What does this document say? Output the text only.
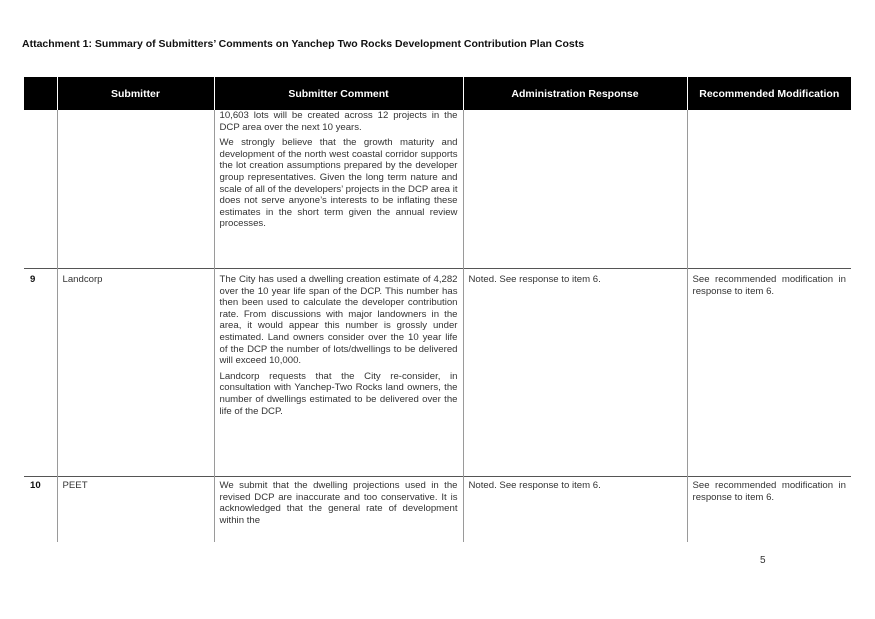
Attachment 1: Summary of Submitters’ Comments on Yanchep Two Rocks Development Contribution Plan Costs
	Submitter	Submitter Comment	Administration Response	Recommended Modification

		10,603 lots will be created across 12 projects in the DCP area over the next 10 years.

We strongly believe that the growth maturity and development of the north west coastal corridor supports the lot creation assumptions prepared by the developer group representatives. Given the long term nature and scale of all of the developers’ projects in the DCP area it does not serve anyone’s interests to be inflating these estimates in the short term given the annual review processes.		

9	Landcorp	The City has used a dwelling creation estimate of 4,282 over the 10 year life span of the DCP. This number has then been used to calculate the developer contribution rate. From discussions with major landowners in the area, it would appear this number is grossly under estimated. Land owners consider over the 10 year life of the DCP the number of lots/dwellings to be delivered will exceed 10,000.

Landcorp requests that the City re-consider, in consultation with Yanchep-Two Rocks land owners, the number of dwellings estimated to be delivered over the life of the DCP.	Noted. See response to item 6.	See recommended modification in response to item 6.
10	PEET	We submit that the dwelling projections used in the revised DCP are inaccurate and too conservative. It is acknowledged that the general rate of development within the	Noted. See response to item 6.	See recommended modification in response to item 6.
5
